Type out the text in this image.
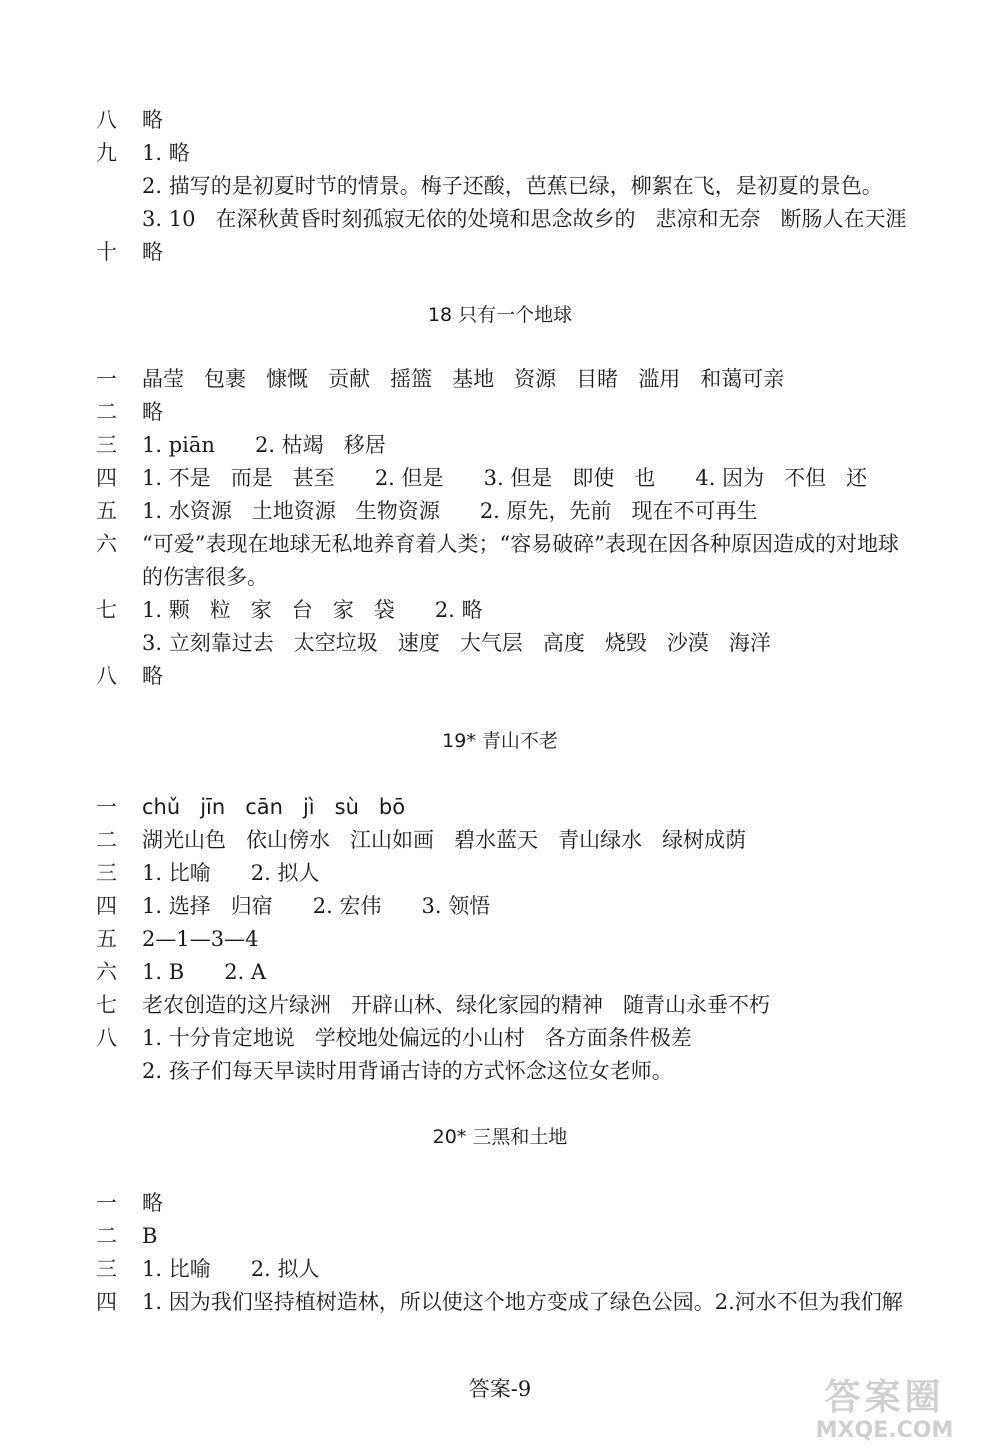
八 略
九 1. 略
2. 描写的是初夏时节的情景。梅子还酸，芭蕉已绿，柳絮在飞，是初夏的景色。
3. 10   在深秋黄昏时刻孤寂无依的处境和思念故乡的   悲凉和无奈   断肠人在天涯
十 略
18 只有一个地球
一 晶莹   包裹   慷慨   贡献   摇篮   基地   资源   目睹   滥用   和蔼可亲
二 略
三 1. piān      2. 枯竭   移居
四 1. 不是   而是   甚至      2. 但是      3. 但是   即使   也      4. 因为   不但   还
五 1. 水资源   土地资源   生物资源      2. 原先，先前   现在不可再生
六 “可爱”表现在地球无私地养育着人类；“容易破碎”表现在因各种原因造成的对地球
的伤害很多。
七 1. 颗   粒   家   台   家   袋      2. 略
3. 立刻靠过去   太空垃圾   速度   大气层   高度   烧毁   沙漠   海洋
八 略
19* 青山不老
一 chǔ   jīn   cān   jì   sù   bō
二 湖光山色   依山傍水   江山如画   碧水蓝天   青山绿水   绿树成荫
三 1. 比喻      2. 拟人
四 1. 选择   归宿      2. 宏伟      3. 领悟
五 2—1—3—4
六 1. B      2. A
七 老农创造的这片绿洲   开辟山林、绿化家园的精神   随青山永垂不朽
八 1. 十分肯定地说   学校地处偏远的小山村   各方面条件极差
2. 孩子们每天早读时用背诵古诗的方式怀念这位女老师。
20* 三黑和土地
一 略
二 B
三 1. 比喻      2. 拟人
四 1. 因为我们坚持植树造林，所以使这个地方变成了绿色公园。2.河水不但为我们解
答案-9	答案圈
MXQE.COM
